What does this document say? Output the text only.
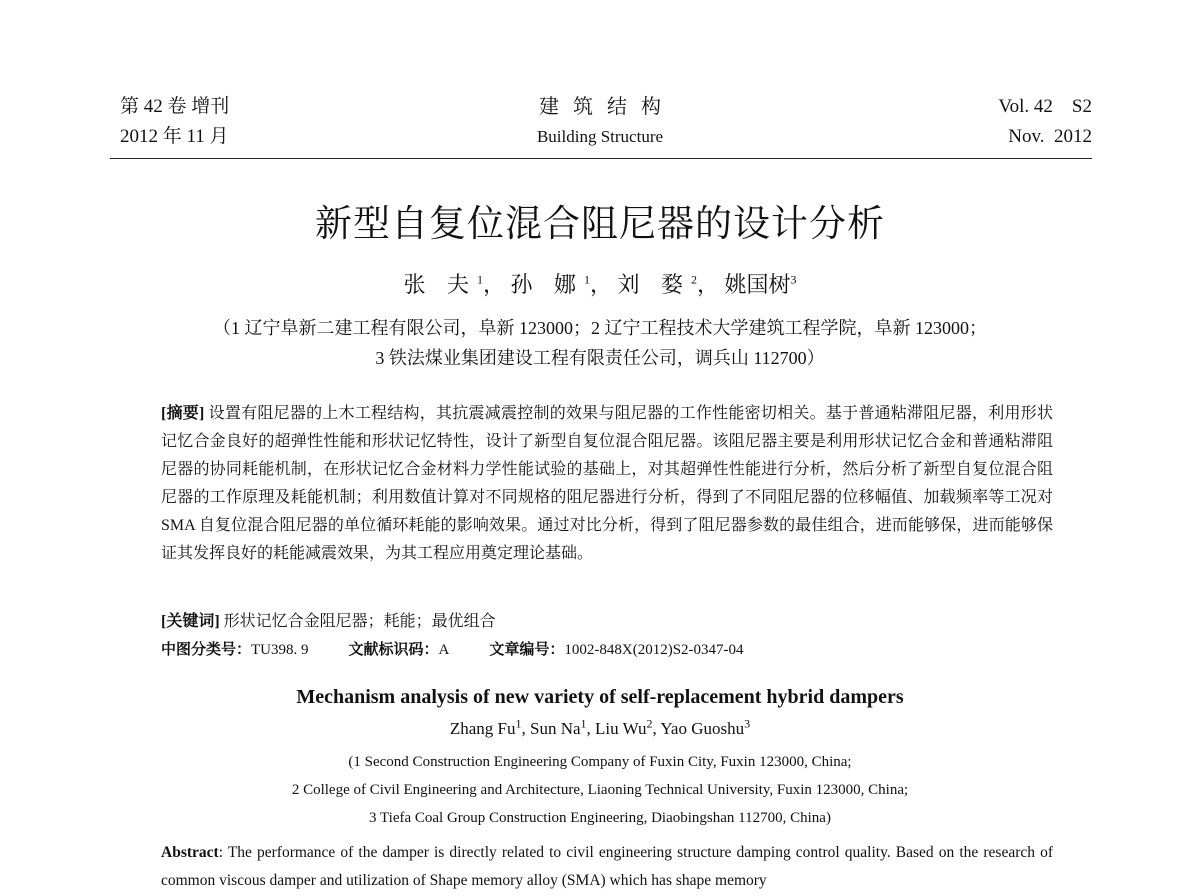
第 42 卷 增刊
2012 年 11 月
建筑结构
Building Structure
Vol. 42    S2
Nov.  2012
新型自复位混合阻尼器的设计分析
张 夫$^1$， 孙 娜$^1$， 刘 婺$^2$， 姚国树$^3$
（1 辽宁阜新二建工程有限公司，阜新 123000；2 辽宁工程技术大学建筑工程学院，阜新 123000；
3 铁法煤业集团建设工程有限责任公司，调兵山 112700）
[摘要] 设置有阻尼器的上木工程结构，其抗震减震控制的效果与阻尼器的工作性能密切相关。基于普通粘滞阻尼器，利用形状记忆合金良好的超弹性性能和形状记忆特性，设计了新型自复位混合阻尼器。该阻尼器主要是利用形状记忆合金和普通粘滞阻尼器的协同耗能机制，在形状记忆合金材料力学性能试验的基础上，对其超弹性性能进行分析，然后分析了新型自复位混合阻尼器的工作原理及耗能机制；利用数值计算对不同规格的阻尼器进行分析，得到了不同阻尼器的位移幅值、加载频率等工况对 SMA 自复位混合阻尼器的单位循环耗能的影响效果。通过对比分析，得到了阻尼器参数的最佳组合，进而能够保，进而能够保证其发挥良好的耗能减震效果，为其工程应用奠定理论基础。
[关键词] 形状记忆合金阻尼器；耗能；最优组合
中图分类号：TU398. 9	文献标识码：A	文章编号：1002-848X(2012)S2-0347-04
Mechanism analysis of new variety of self-replacement hybrid dampers
Zhang Fu$^1$, Sun Na$^1$, Liu Wu$^2$, Yao Guoshu$^3$
(1 Second Construction Engineering Company of Fuxin City, Fuxin 123000, China;
2 College of Civil Engineering and Architecture, Liaoning Technical University, Fuxin 123000, China;
3 Tiefa Coal Group Construction Engineering, Diaobingshan 112700, China)
Abstract: The performance of the damper is directly related to civil engineering structure damping control quality. Based on the research of common viscous damper and utilization of Shape memory alloy (SMA) which has shape memory
